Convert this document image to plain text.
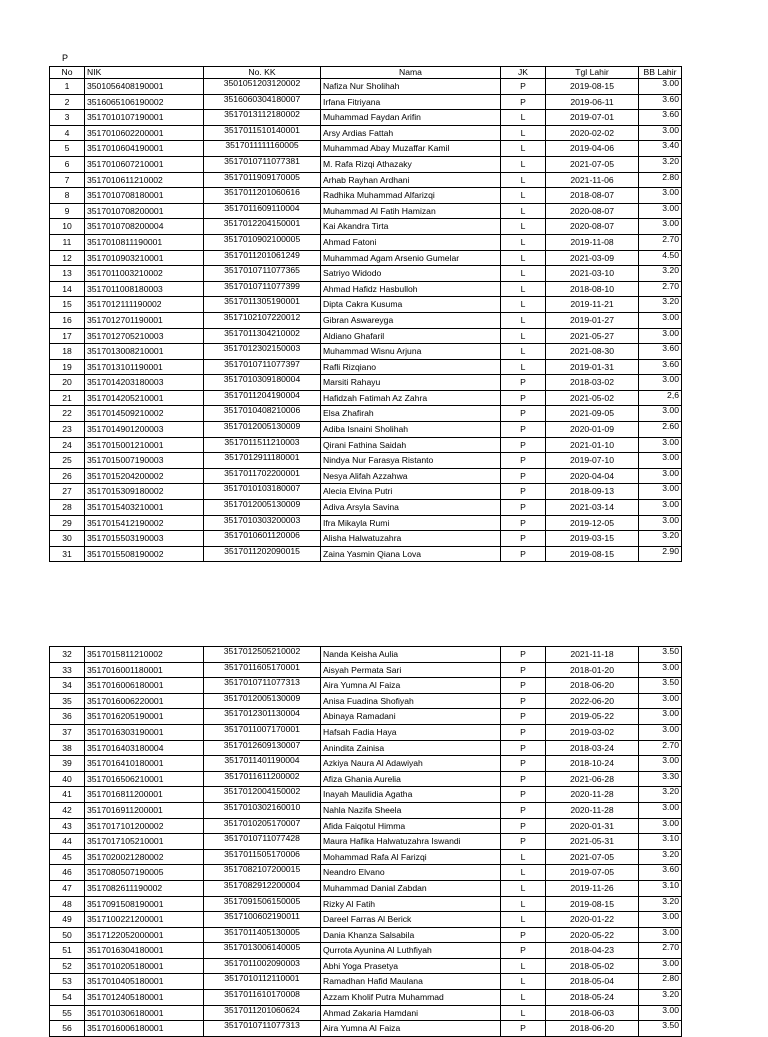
P
No	NIK	No. KK	Nama	JK	Tgl Lahir	BB Lahir
1	3501056408190001	3501051203120002	Nafiza Nur Sholihah	P	2019-08-15	3.00
2	3516065106190002	3516060304180007	Irfana Fitriyana	P	2019-06-11	3.60
3	3517010107190001	3517013112180002	Muhammad Faydan Arifin	L	2019-07-01	3.60
4	3517010602200001	3517011510140001	Arsy Ardias Fattah	L	2020-02-02	3.00
5	3517010604190001	3517011111160005	Muhammad Abay Muzaffar Kamil	L	2019-04-06	3.40
6	3517010607210001	3517010711077381	M. Rafa Rizqi Athazaky	L	2021-07-05	3.20
7	3517010611210002	3517011909170005	Arhab Rayhan Ardhani	L	2021-11-06	2.80
8	3517010708180001	3517011201060616	Radhika Muhammad Alfarizqi	L	2018-08-07	3.00
9	3517010708200001	3517011609110004	Muhammad Al Fatih Hamizan	L	2020-08-07	3.00
10	3517010708200004	3517012204150001	Kai Akandra Tirta	L	2020-08-07	3.00
11	3517010811190001	3517010902100005	Ahmad Fatoni	L	2019-11-08	2.70
12	3517010903210001	3517011201061249	Muhammad Agam Arsenio Gumelar	L	2021-03-09	4.50
13	3517011003210002	3517010711077365	Satriyo Widodo	L	2021-03-10	3.20
14	3517011008180003	3517010711077399	Ahmad Hafidz Hasbulloh	L	2018-08-10	2.70
15	3517012111190002	3517011305190001	Dipta Cakra Kusuma	L	2019-11-21	3.20
16	3517012701190001	3517102107220012	Gibran Aswareyga	L	2019-01-27	3.00
17	3517012705210003	3517011304210002	Aldiano Ghafaril	L	2021-05-27	3.00
18	3517013008210001	3517012302150003	Muhammad Wisnu Arjuna	L	2021-08-30	3.60
19	3517013101190001	3517010711077397	Rafli Rizqiano	L	2019-01-31	3.60
20	3517014203180003	3517010309180004	Marsiti Rahayu	P	2018-03-02	3.00
21	3517014205210001	3517011204190004	Hafidzah Fatimah Az Zahra	P	2021-05-02	2,6
22	3517014509210002	3517010408210006	Elsa Zhafirah	P	2021-09-05	3.00
23	3517014901200003	3517012005130009	Adiba Isnaini Sholihah	P	2020-01-09	2.60
24	3517015001210001	3517011511210003	Qirani Fathina Saidah	P	2021-01-10	3.00
25	3517015007190003	3517012911180001	Nindya Nur Farasya Ristanto	P	2019-07-10	3.00
26	3517015204200002	3517011702200001	Nesya Alifah Azzahwa	P	2020-04-04	3.00
27	3517015309180002	3517010103180007	Alecia Elvina Putri	P	2018-09-13	3.00
28	3517015403210001	3517012005130009	Adiva Arsyla Savina	P	2021-03-14	3.00
29	3517015412190002	3517010303200003	Ifra Mikayla Rumi	P	2019-12-05	3.00
30	3517015503190003	3517010601120006	Alisha Halwatuzahra	P	2019-03-15	3.20
31	3517015508190002	3517011202090015	Zaina Yasmin Qiana Lova	P	2019-08-15	2.90
32	3517015811210002	3517012505210002	Nanda Keisha Aulia	P	2021-11-18	3.50
33	3517016001180001	3517011605170001	Aisyah Permata Sari	P	2018-01-20	3.00
34	3517016006180001	3517010711077313	Aira Yumna Al Faiza	P	2018-06-20	3.50
35	3517016006220001	3517012005130009	Anisa Fuadina Shofiyah	P	2022-06-20	3.00
36	3517016205190001	3517012301130004	Abinaya Ramadani	P	2019-05-22	3.00
37	3517016303190001	3517011007170001	Hafsah Fadia Haya	P	2019-03-02	3.00
38	3517016403180004	3517012609130007	Anindita Zainisa	P	2018-03-24	2.70
39	3517016410180001	3517011401190004	Azkiya Naura Al Adawiyah	P	2018-10-24	3.00
40	3517016506210001	3517011611200002	Afiza Ghania Aurelia	P	2021-06-28	3.30
41	3517016811200001	3517012004150002	Inayah Maulidia Agatha	P	2020-11-28	3.20
42	3517016911200001	3517010302160010	Nahla Nazifa Sheela	P	2020-11-28	3.00
43	3517017101200002	3517010205170007	Afida Faiqotul Himma	P	2020-01-31	3.00
44	3517017105210001	3517010711077428	Maura Hafika Halwatuzahra Iswandi	P	2021-05-31	3.10
45	3517020021280002	3517011505170006	Mohammad Rafa Al Farizqi	L	2021-07-05	3.20
46	3517080507190005	3517082107200015	Neandro Elvano	L	2019-07-05	3.60
47	3517082611190002	3517082912200004	Muhammad Danial Zabdan	L	2019-11-26	3.10
48	3517091508190001	3517091506150005	Rizky Al Fatih	L	2019-08-15	3.20
49	3517100221200001	3517100602190011	Dareel Farras Al Berick	L	2020-01-22	3.00
50	3517122052000001	3517011405130005	Dania Khanza Salsabila	P	2020-05-22	3.00
51	3517016304180001	3517013006140005	Qurrota Ayunina Al Luthfiyah	P	2018-04-23	2.70
52	3517010205180001	3517011002090003	Abhi Yoga Prasetya	L	2018-05-02	3.00
53	3517010405180001	3517010112110001	Ramadhan Hafid Maulana	L	2018-05-04	2.80
54	3517012405180001	3517011610170008	Azzam Kholif Putra Muhammad	L	2018-05-24	3.20
55	3517010306180001	3517011201060624	Ahmad Zakaria Hamdani	L	2018-06-03	3.00
56	3517016006180001	3517010711077313	Aira Yumna Al Faiza	P	2018-06-20	3.50
